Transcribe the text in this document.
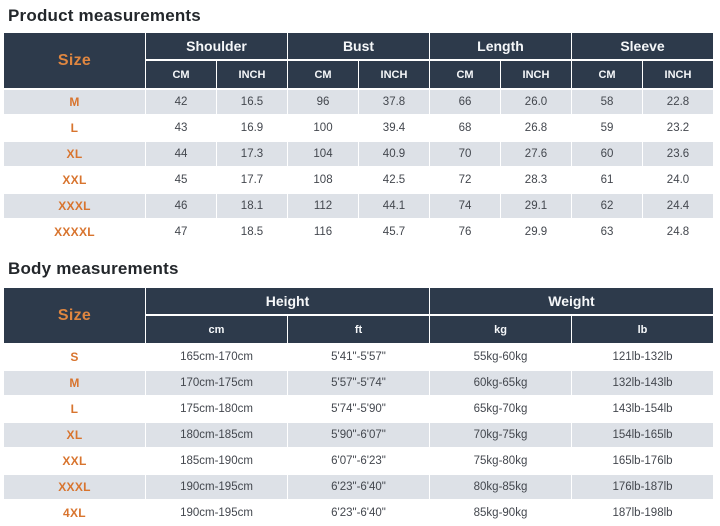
Product measurements
Size
Shoulder	Bust	Length	Sleeve
CM	INCH	CM	INCH	CM	INCH	CM	INCH
M	42	16.5	96	37.8	66	26.0	58	22.8
L	43	16.9	100	39.4	68	26.8	59	23.2
XL	44	17.3	104	40.9	70	27.6	60	23.6
XXL	45	17.7	108	42.5	72	28.3	61	24.0
XXXL	46	18.1	112	44.1	74	29.1	62	24.4
XXXXL	47	18.5	116	45.7	76	29.9	63	24.8
Body measurements
Size
Height	Weight
cm	ft	kg	lb
S	165cm-170cm	5'41"-5'57"	55kg-60kg	121lb-132lb
M	170cm-175cm	5'57"-5'74"	60kg-65kg	132lb-143lb
L	175cm-180cm	5'74"-5'90"	65kg-70kg	143lb-154lb
XL	180cm-185cm	5'90"-6'07"	70kg-75kg	154lb-165lb
XXL	185cm-190cm	6'07"-6'23"	75kg-80kg	165lb-176lb
XXXL	190cm-195cm	6'23"-6'40"	80kg-85kg	176lb-187lb
4XL	190cm-195cm	6'23"-6'40"	85kg-90kg	187lb-198lb
